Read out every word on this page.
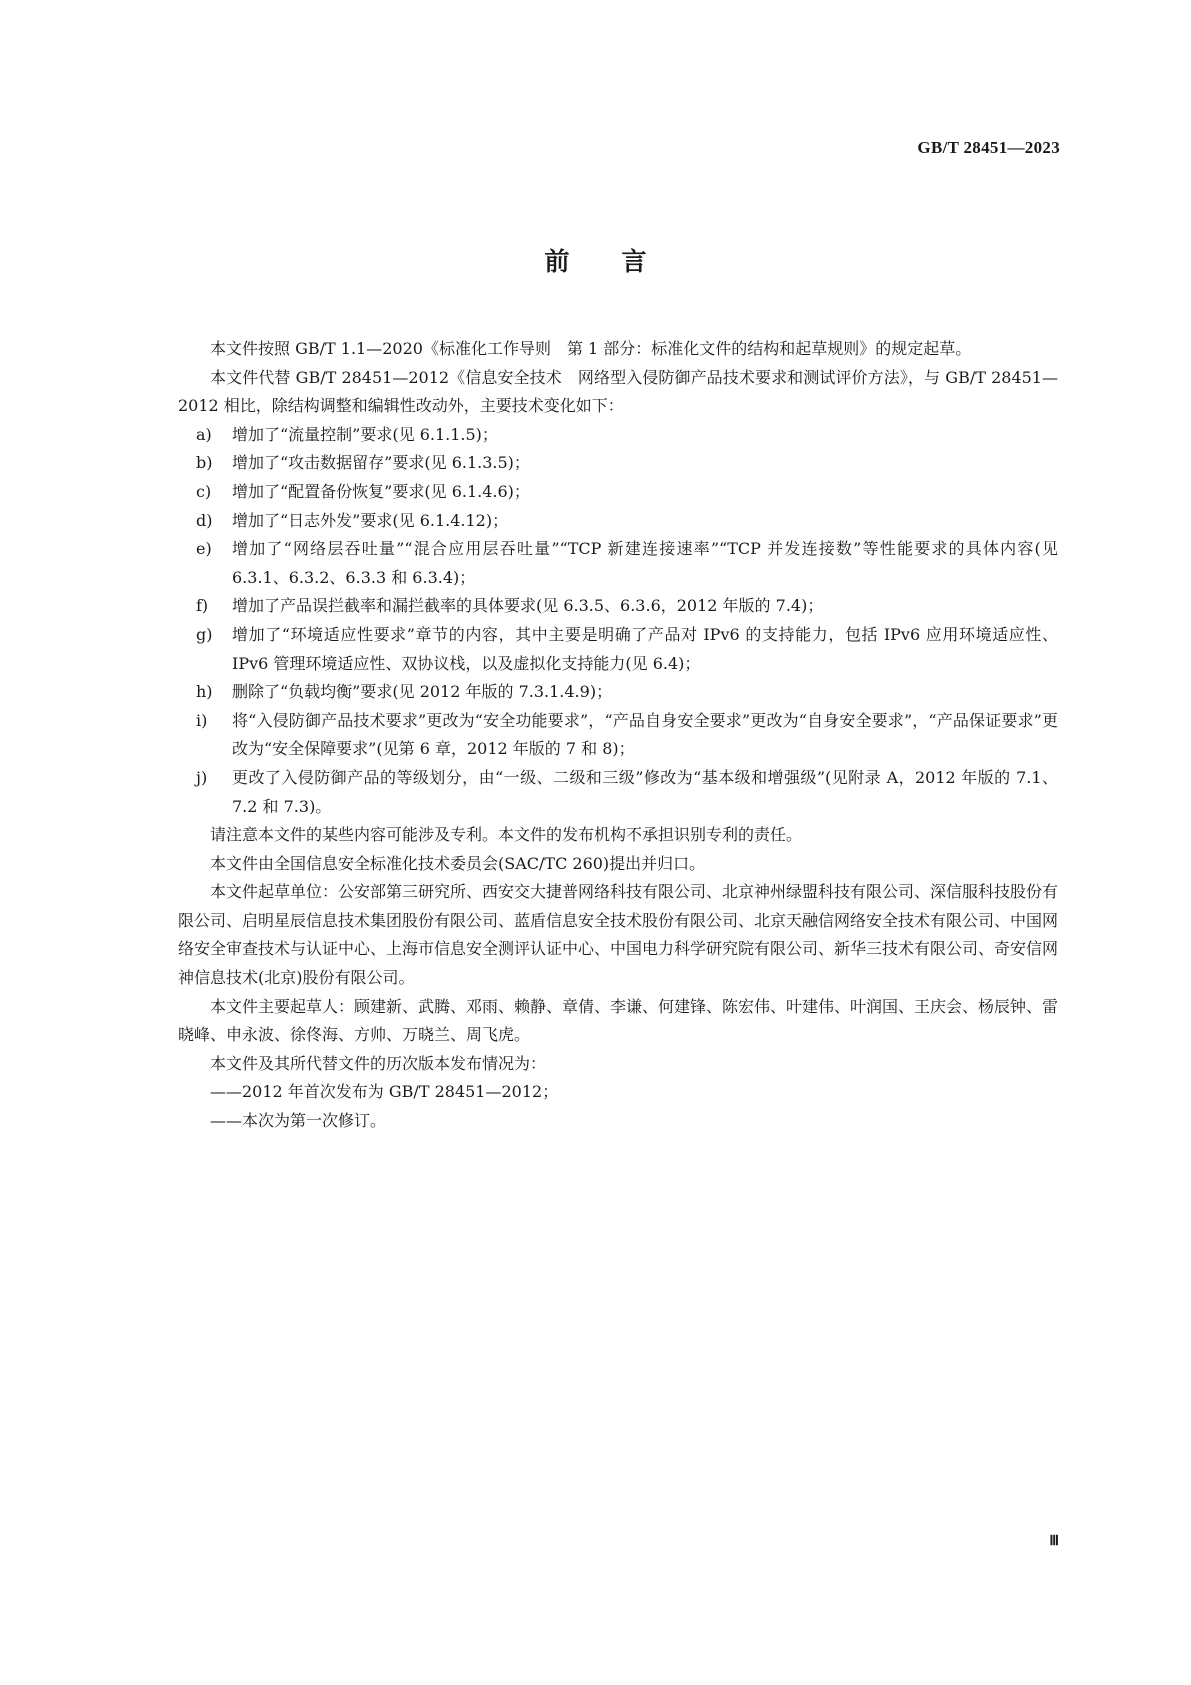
GB/T 28451—2023
前言
本文件按照 GB/T 1.1—2020《标准化工作导则　第 1 部分：标准化文件的结构和起草规则》的规定起草。
本文件代替 GB/T 28451—2012《信息安全技术　网络型入侵防御产品技术要求和测试评价方法》，与 GB/T 28451—2012 相比，除结构调整和编辑性改动外，主要技术变化如下：
a) 增加了“流量控制”要求(见 6.1.1.5)；
b) 增加了“攻击数据留存”要求(见 6.1.3.5)；
c) 增加了“配置备份恢复”要求(见 6.1.4.6)；
d) 增加了“日志外发”要求(见 6.1.4.12)；
e) 增加了“网络层吞吐量”“混合应用层吞吐量”“TCP 新建连接速率”“TCP 并发连接数”等性能要求的具体内容(见 6.3.1、6.3.2、6.3.3 和 6.3.4)；
f) 增加了产品误拦截率和漏拦截率的具体要求(见 6.3.5、6.3.6，2012 年版的 7.4)；
g) 增加了“环境适应性要求”章节的内容，其中主要是明确了产品对 IPv6 的支持能力，包括 IPv6 应用环境适应性、IPv6 管理环境适应性、双协议栈，以及虚拟化支持能力(见 6.4)；
h) 删除了“负载均衡”要求(见 2012 年版的 7.3.1.4.9)；
i) 将“入侵防御产品技术要求”更改为“安全功能要求”，“产品自身安全要求”更改为“自身安全要求”，“产品保证要求”更改为“安全保障要求”(见第 6 章，2012 年版的 7 和 8)；
j) 更改了入侵防御产品的等级划分，由“一级、二级和三级”修改为“基本级和增强级”(见附录 A，2012 年版的 7.1、7.2 和 7.3)。
请注意本文件的某些内容可能涉及专利。本文件的发布机构不承担识别专利的责任。
本文件由全国信息安全标准化技术委员会(SAC/TC 260)提出并归口。
本文件起草单位：公安部第三研究所、西安交大捷普网络科技有限公司、北京神州绿盟科技有限公司、深信服科技股份有限公司、启明星辰信息技术集团股份有限公司、蓝盾信息安全技术股份有限公司、北京天融信网络安全技术有限公司、中国网络安全审查技术与认证中心、上海市信息安全测评认证中心、中国电力科学研究院有限公司、新华三技术有限公司、奇安信网神信息技术(北京)股份有限公司。
本文件主要起草人：顾建新、武腾、邓雨、赖静、章倩、李谦、何建锋、陈宏伟、叶建伟、叶润国、王庆会、杨辰钟、雷晓峰、申永波、徐佟海、方帅、万晓兰、周飞虎。
本文件及其所代替文件的历次版本发布情况为：
——2012 年首次发布为 GB/T 28451—2012；
——本次为第一次修订。
Ⅲ
